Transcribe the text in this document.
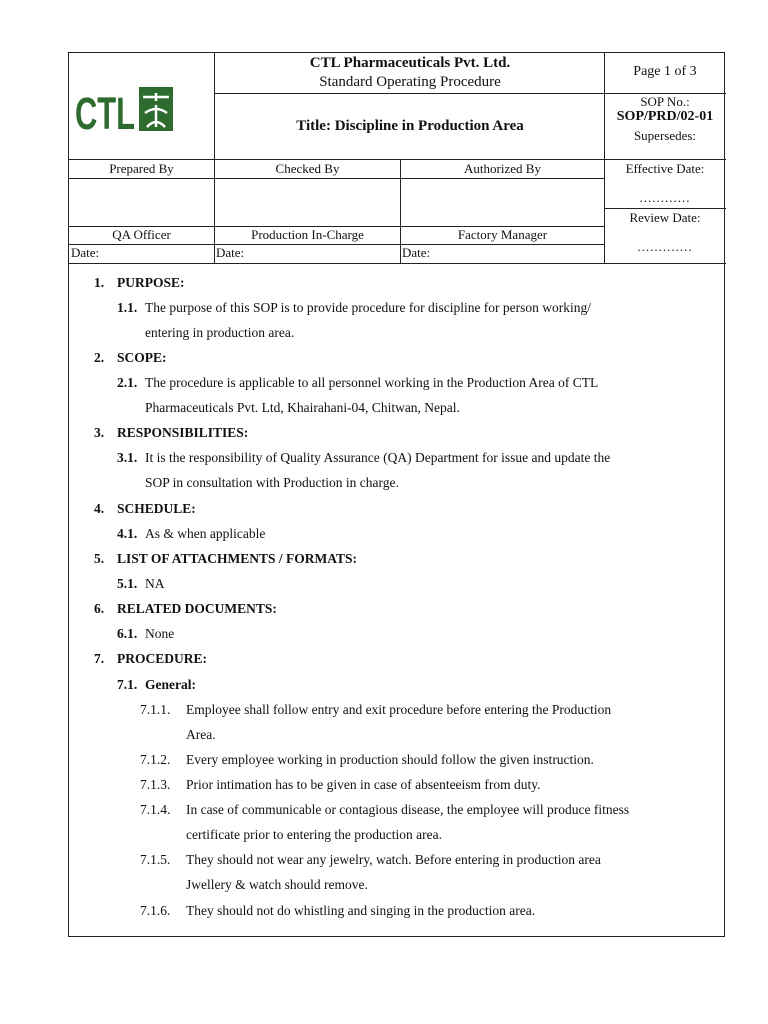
CTL
CTL Pharmaceuticals Pvt. Ltd.
Standard Operating Procedure
Title: Discipline in Production Area
Page 1 of 3
SOP No.:
SOP/PRD/02-01
Supersedes:
Prepared By	Checked By	Authorized By
QA Officer	Production In-Charge	Factory Manager
Date:	Date:	Date:
Effective Date:
............
Review Date:
.............
1. PURPOSE:
1.1. The purpose of this SOP is to provide procedure for discipline for person working/
entering in production area.
2. SCOPE:
2.1. The procedure is applicable to all personnel working in the Production Area of CTL
Pharmaceuticals Pvt. Ltd, Khairahani-04, Chitwan, Nepal.
3. RESPONSIBILITIES:
3.1. It is the responsibility of Quality Assurance (QA) Department for issue and update the
SOP in consultation with Production in charge.
4. SCHEDULE:
4.1. As & when applicable
5. LIST OF ATTACHMENTS / FORMATS:
5.1. NA
6. RELATED DOCUMENTS:
6.1. None
7. PROCEDURE:
7.1. General:
7.1.1. Employee shall follow entry and exit procedure before entering the Production
Area.
7.1.2. Every employee working in production should follow the given instruction.
7.1.3. Prior intimation has to be given in case of absenteeism from duty.
7.1.4. In case of communicable or contagious disease, the employee will produce fitness
certificate prior to entering the production area.
7.1.5. They should not wear any jewelry, watch. Before entering in production area
Jwellery & watch should remove.
7.1.6. They should not do whistling and singing in the production area.
